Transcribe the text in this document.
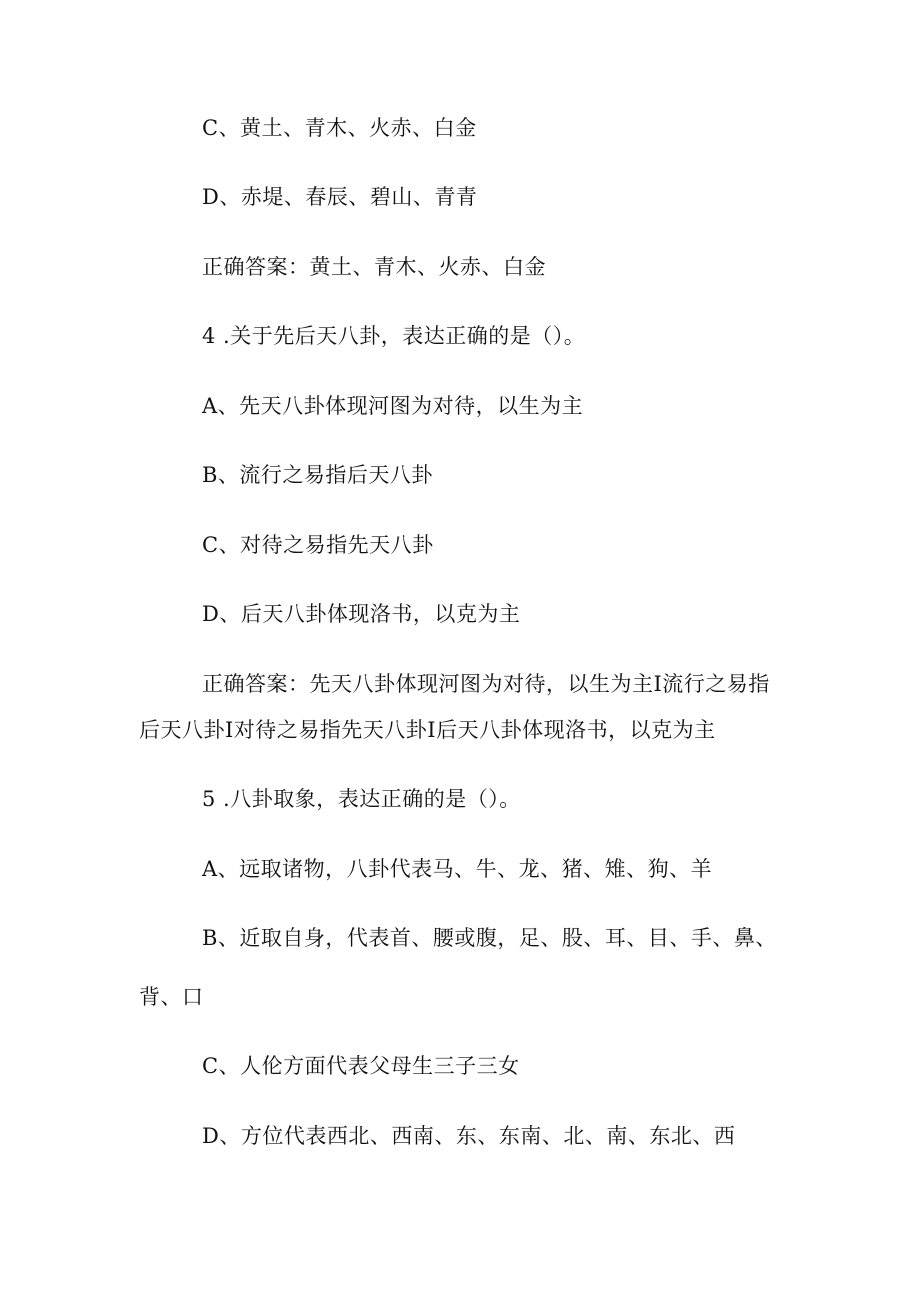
C、黄土、青木、火赤、白金
D、赤堤、春辰、碧山、青青
正确答案：黄土、青木、火赤、白金
4 .关于先后天八卦，表达正确的是（）。
A、先天八卦体现河图为对待，以生为主
B、流行之易指后天八卦
C、对待之易指先天八卦
D、后天八卦体现洛书，以克为主
正确答案：先天八卦体现河图为对待，以生为主I流行之易指
后天八卦I对待之易指先天八卦I后天八卦体现洛书，以克为主
5 .八卦取象，表达正确的是（）。
A、远取诸物，八卦代表马、牛、龙、猪、雉、狗、羊
B、近取自身，代表首、腰或腹，足、股、耳、目、手、鼻、
背、口
C、人伦方面代表父母生三子三女
D、方位代表西北、西南、东、东南、北、南、东北、西
